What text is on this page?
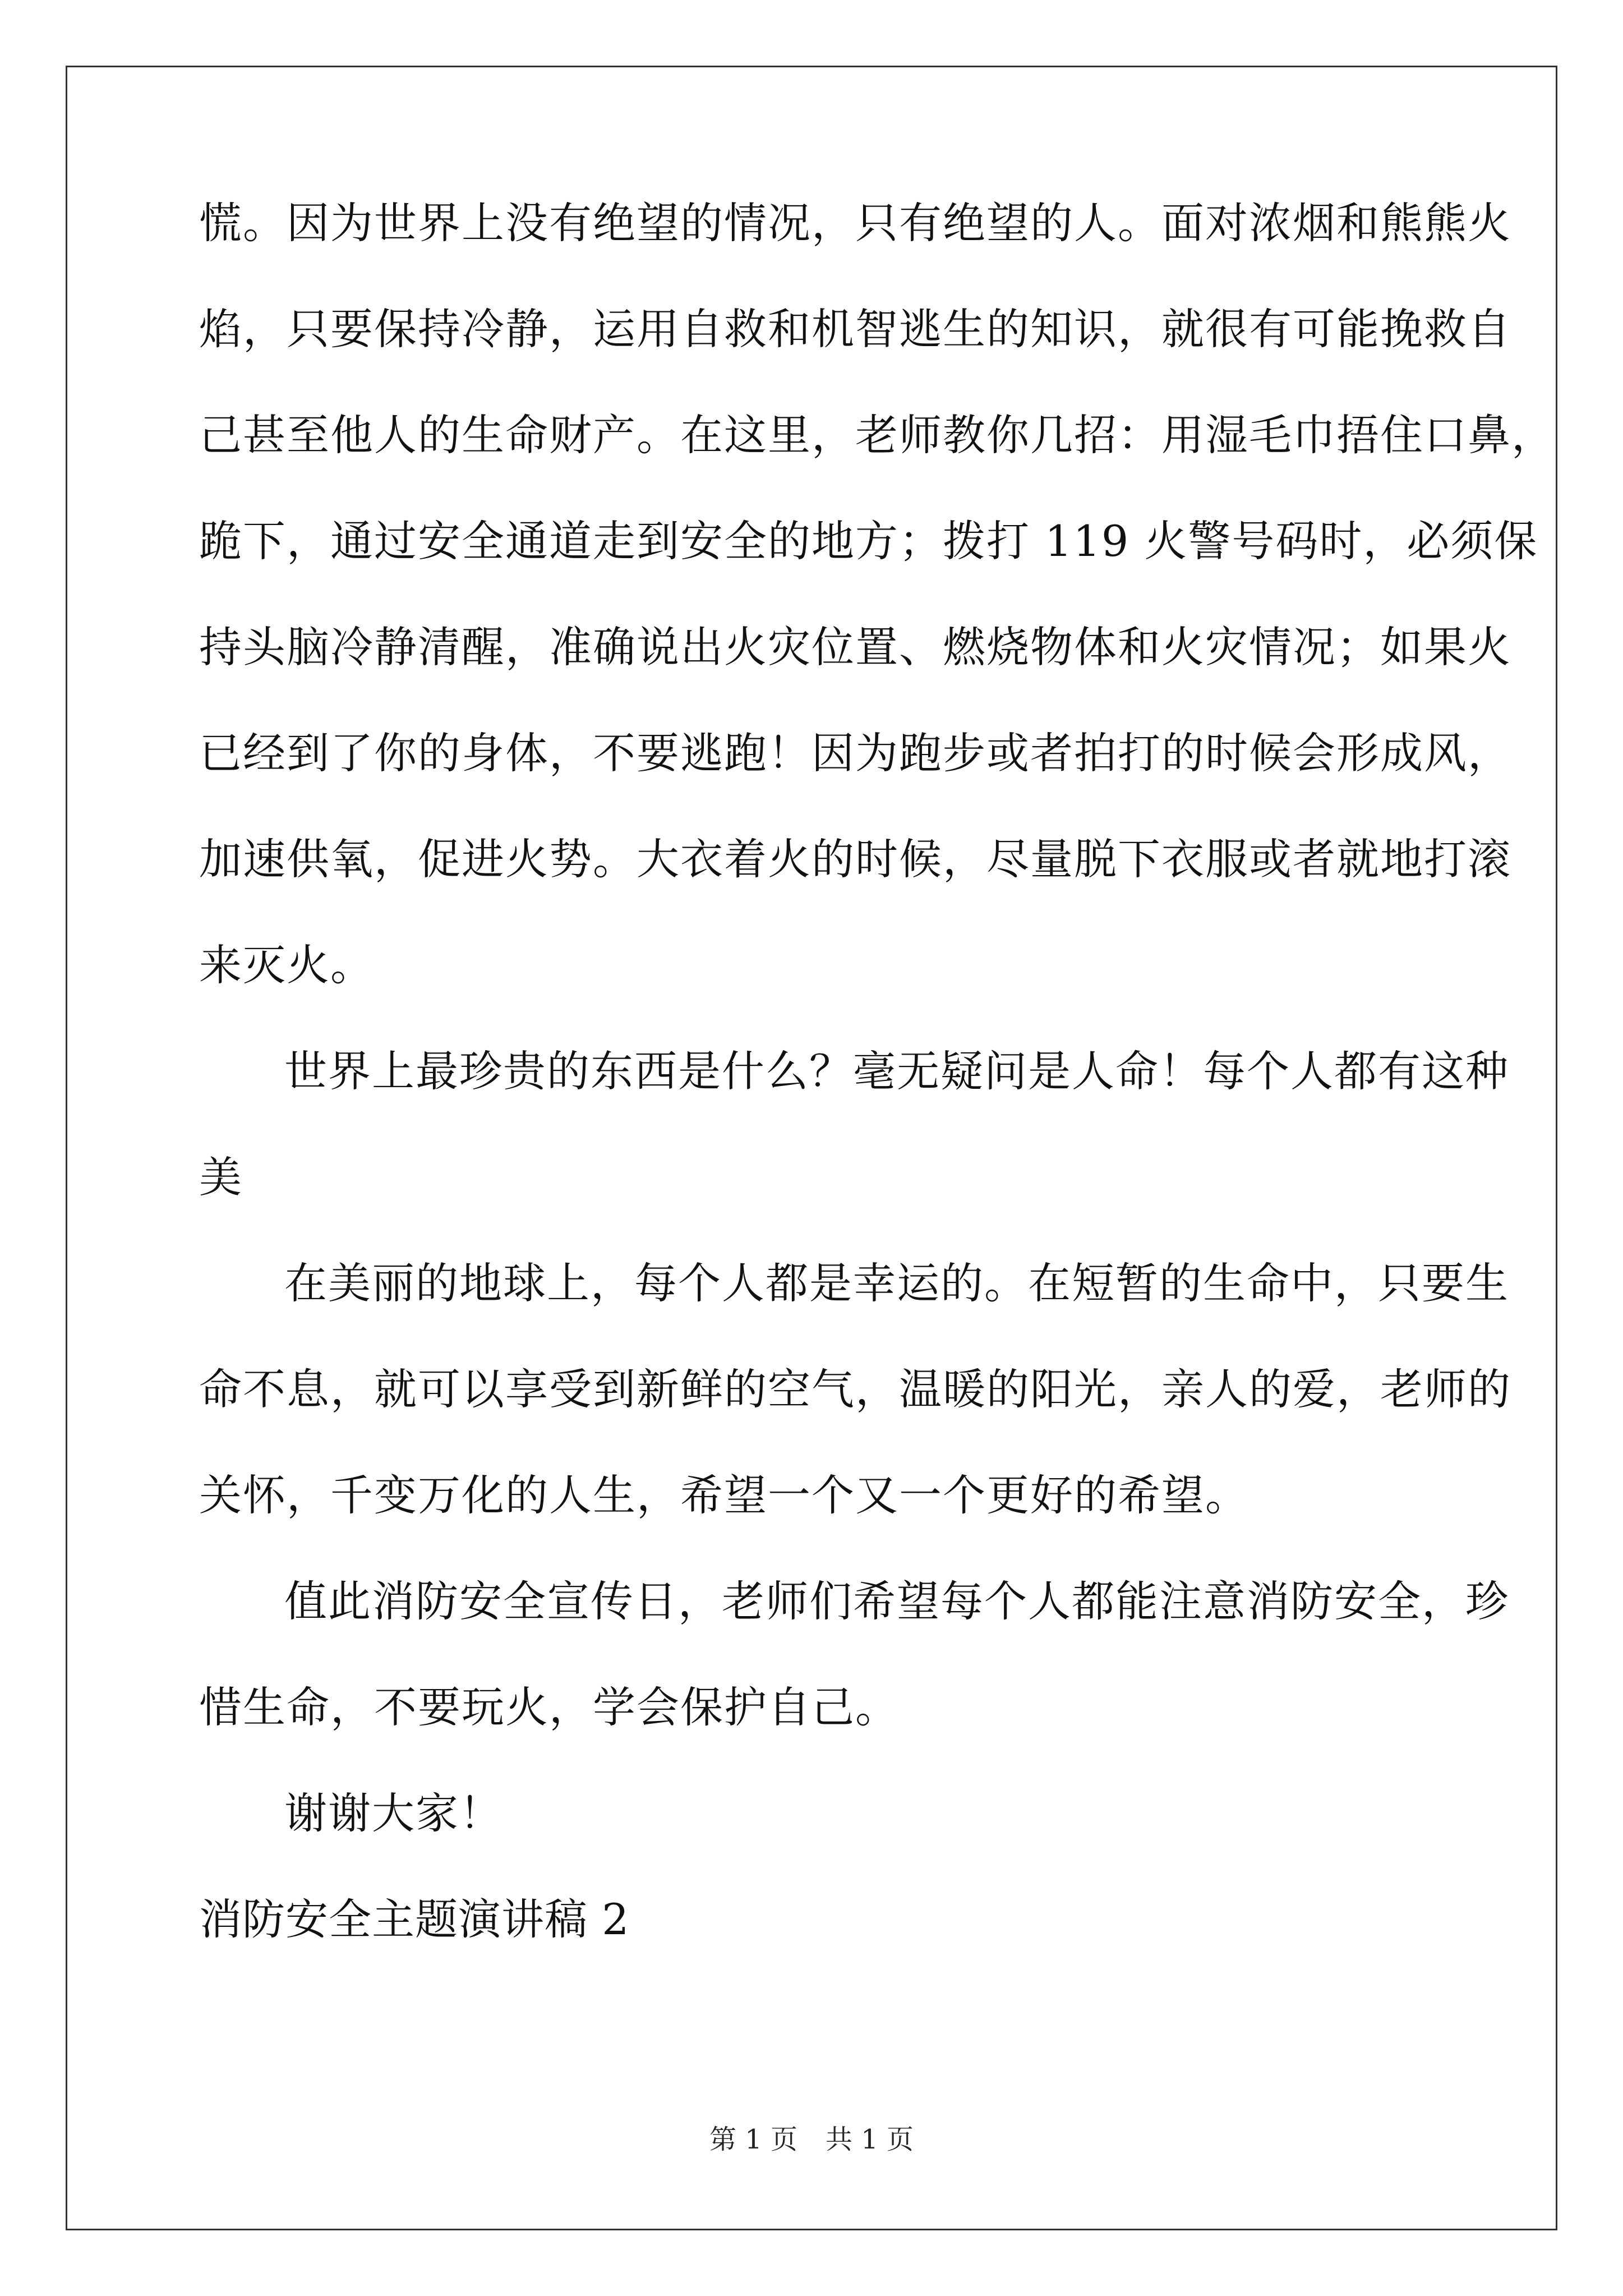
慌。因为世界上没有绝望的情况，只有绝望的人。面对浓烟和熊熊火
焰，只要保持冷静，运用自救和机智逃生的知识，就很有可能挽救自
己甚至他人的生命财产。在这里，老师教你几招：用湿毛巾捂住口鼻，
跪下，通过安全通道走到安全的地方；拨打 119 火警号码时，必须保
持头脑冷静清醒，准确说出火灾位置、燃烧物体和火灾情况；如果火
已经到了你的身体，不要逃跑！因为跑步或者拍打的时候会形成风，
加速供氧，促进火势。大衣着火的时候，尽量脱下衣服或者就地打滚
来灭火。
世界上最珍贵的东西是什么？毫无疑问是人命！每个人都有这种
美
在美丽的地球上，每个人都是幸运的。在短暂的生命中，只要生
命不息，就可以享受到新鲜的空气，温暖的阳光，亲人的爱，老师的
关怀，千变万化的人生，希望一个又一个更好的希望。
值此消防安全宣传日，老师们希望每个人都能注意消防安全，珍
惜生命，不要玩火，学会保护自己。
谢谢大家！
消防安全主题演讲稿 2
第 1 页 共 1 页
